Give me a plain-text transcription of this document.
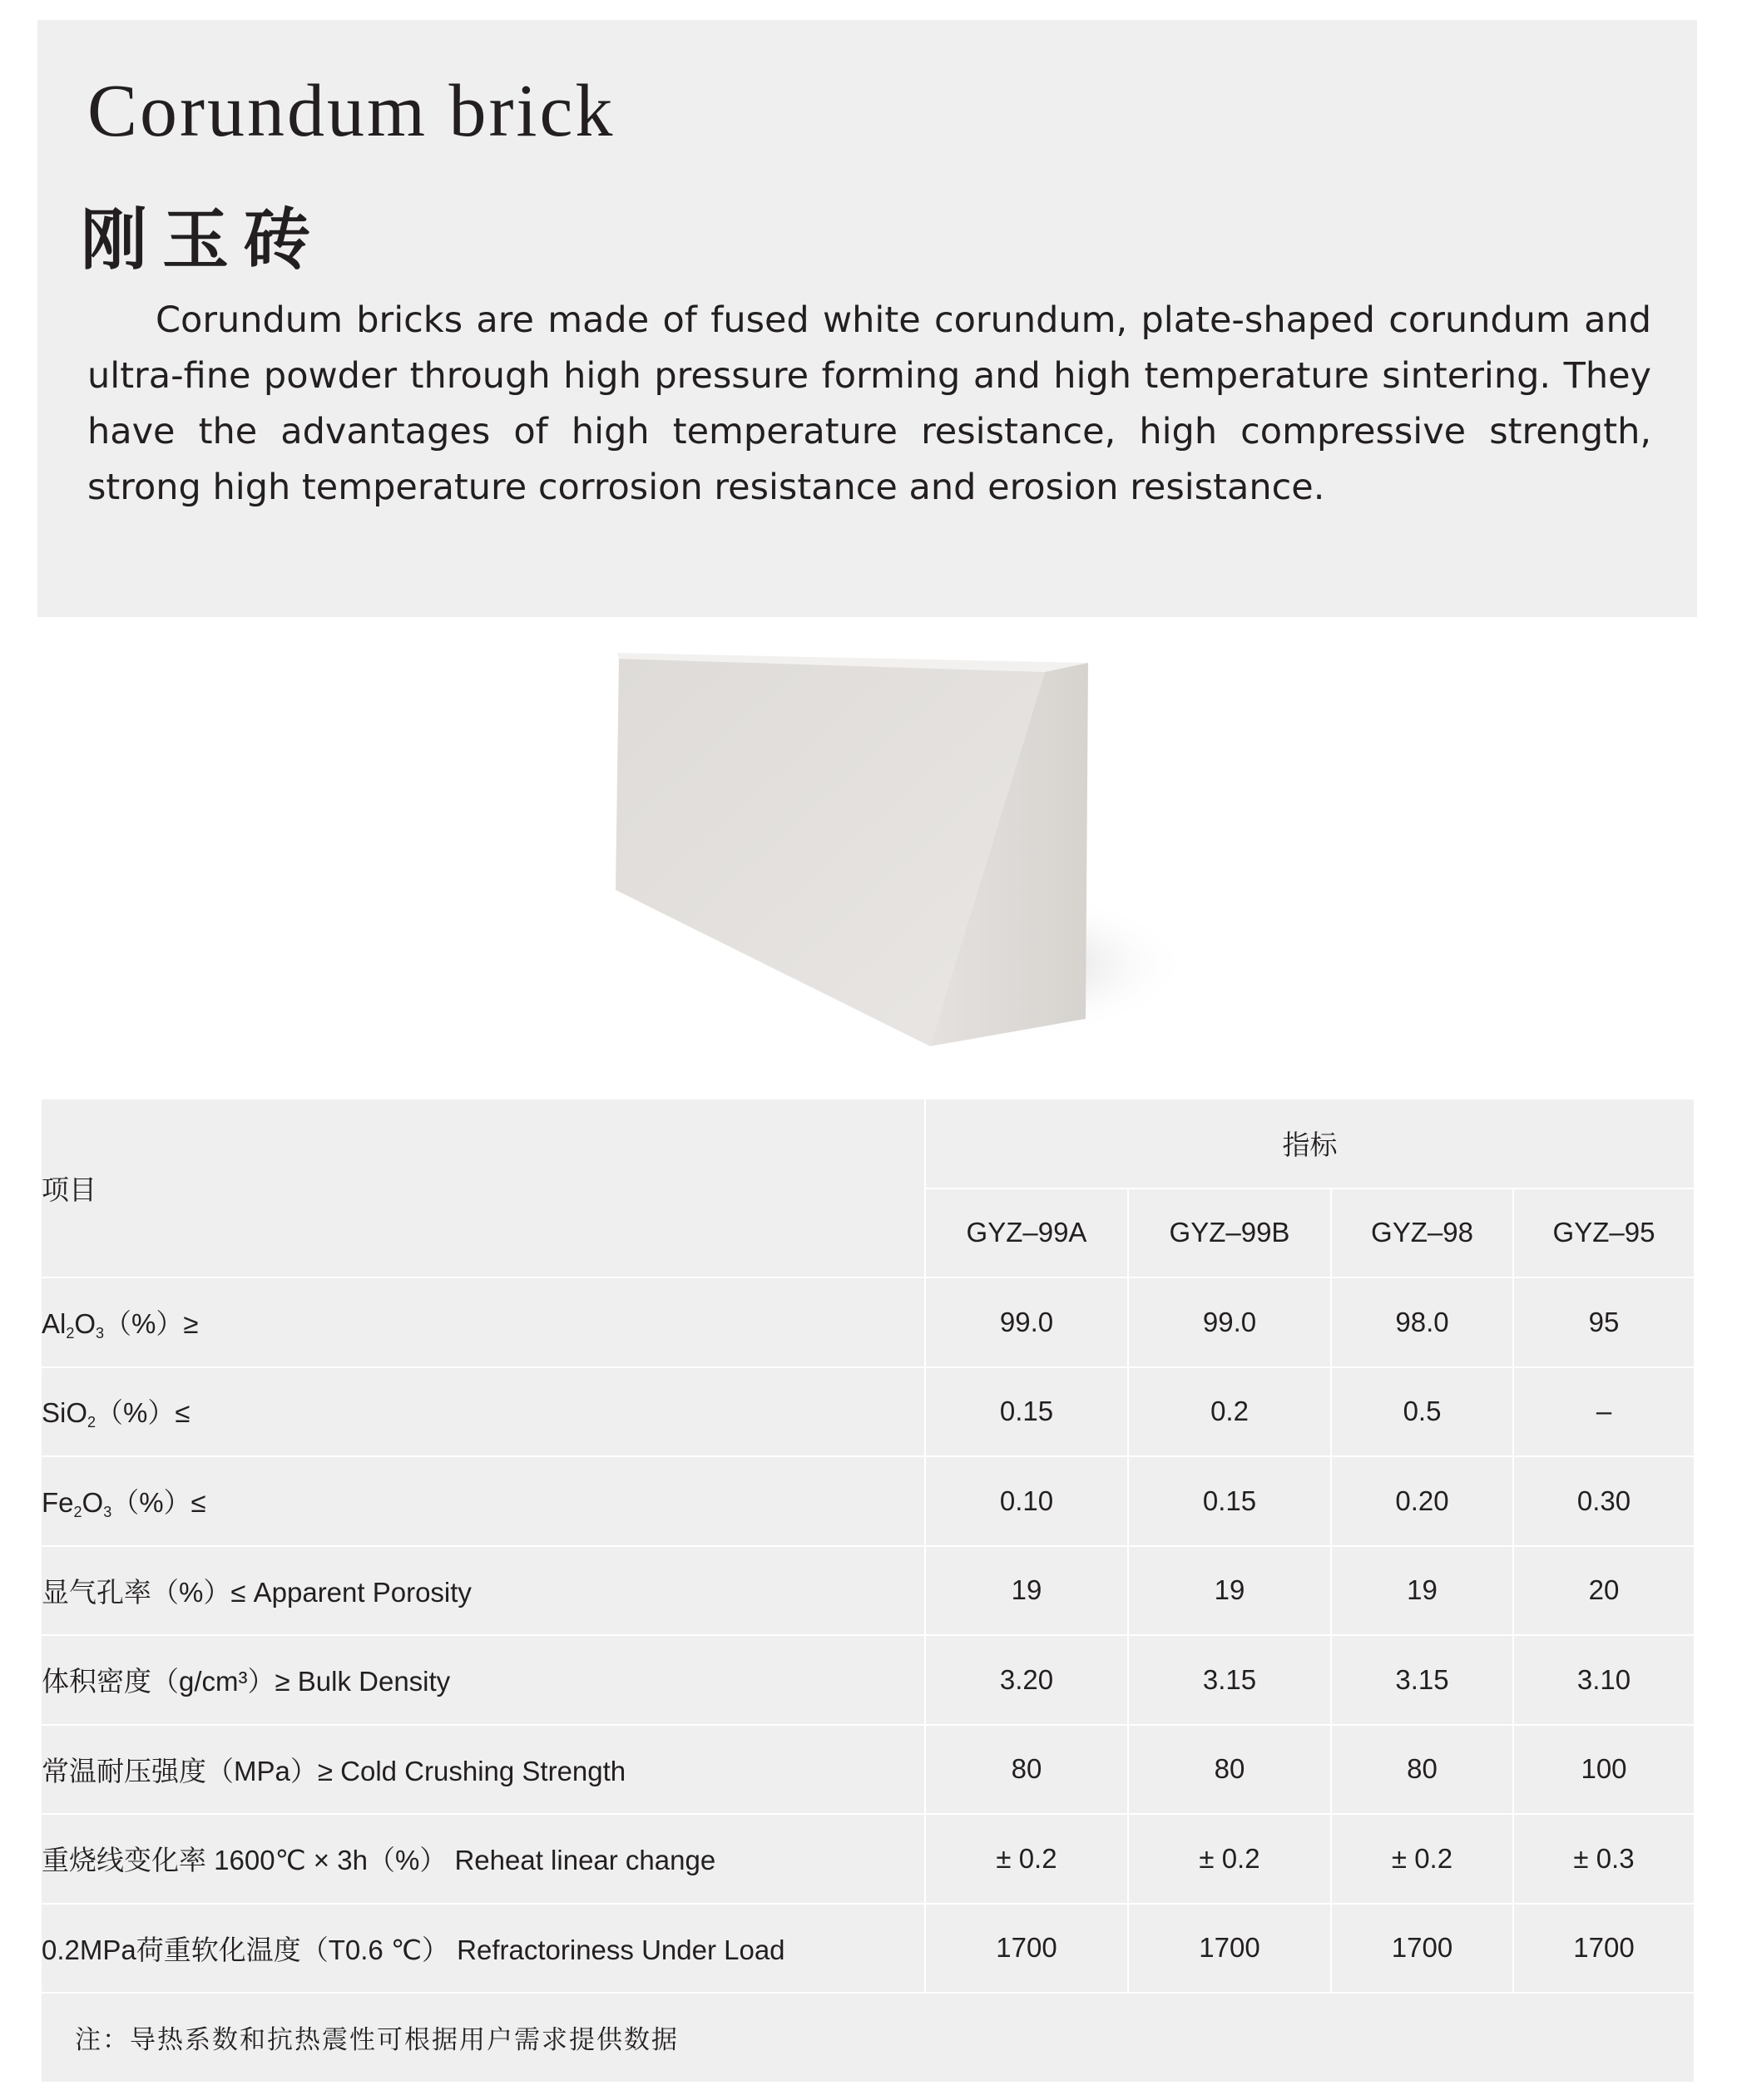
Corundum brick
刚玉砖
Corundum bricks are made of fused white corundum, plate-shaped corundum and ultra-fine powder through high pressure forming and high temperature sintering. They have the advantages of high temperature resistance, high compressive strength, strong high temperature corrosion resistance and erosion resistance.
项目	指标			
	GYZ–99A	GYZ–99B	GYZ–98	GYZ–95
$Al_2O_3(\%)\ge$	99.0	99.0	98.0	95
SiO$_2$（%）≤	0.15	0.2	0.5	–
$Fe_2O_3(\%)\le$	0.10	0.15	0.20	0.30
显气孔率（%）≤ Apparent Porosity	19	19	19	20
体积密度（g/cm³）≥ Bulk Density	3.20	3.15	3.15	3.10
常温耐压强度（MPa）≥ Cold Crushing Strength	80	80	80	100
重烧线变化率 1600℃ × 3h（%） Reheat linear change	± 0.2	± 0.2	± 0.2	± 0.3
0.2MPa荷重软化温度（T0.6 ℃） Refractoriness Under Load	1700	1700	1700	1700
注：导热系数和抗热震性可根据用户需求提供数据				
